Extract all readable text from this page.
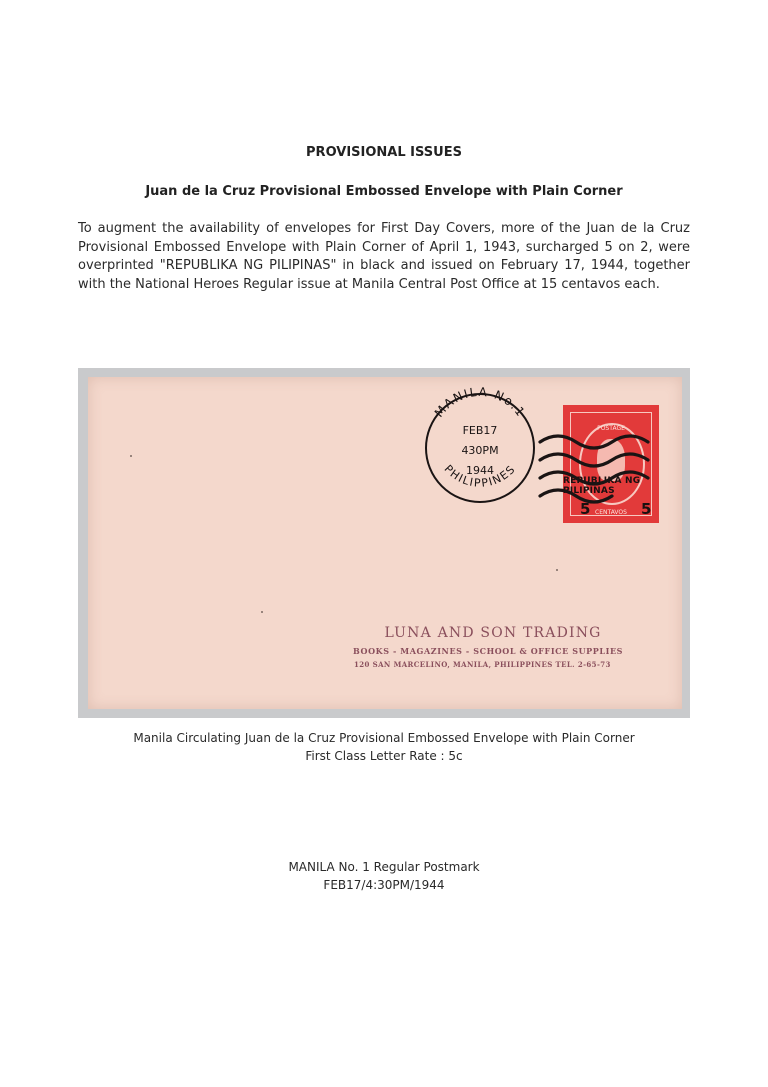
PROVISIONAL ISSUES
Juan de la Cruz Provisional Embossed Envelope with Plain Corner
To augment the availability of envelopes for First Day Covers, more of the Juan de la Cruz Provisional Embossed Envelope with Plain Corner of April 1, 1943, surcharged 5 on 2, were overprinted "REPUBLIKA NG PILIPINAS" in black and issued on February 17, 1944, together with the National Heroes Regular issue at Manila Central Post Office at 15 centavos each.
POSTAGE
CENTAVOS
5	5
REPUBLIKA NG PILIPINAS
MANILA No.1
PHILIPPINES
FEB17
430PM
1944
LUNA AND SON TRADING
BOOKS - MAGAZINES - SCHOOL & OFFICE SUPPLIES
120 SAN MARCELINO, MANILA, PHILIPPINES TEL. 2-65-73
Manila Circulating Juan de la Cruz Provisional Embossed Envelope with Plain Corner
First Class Letter Rate : 5c
MANILA No. 1 Regular Postmark
FEB17/4:30PM/1944
